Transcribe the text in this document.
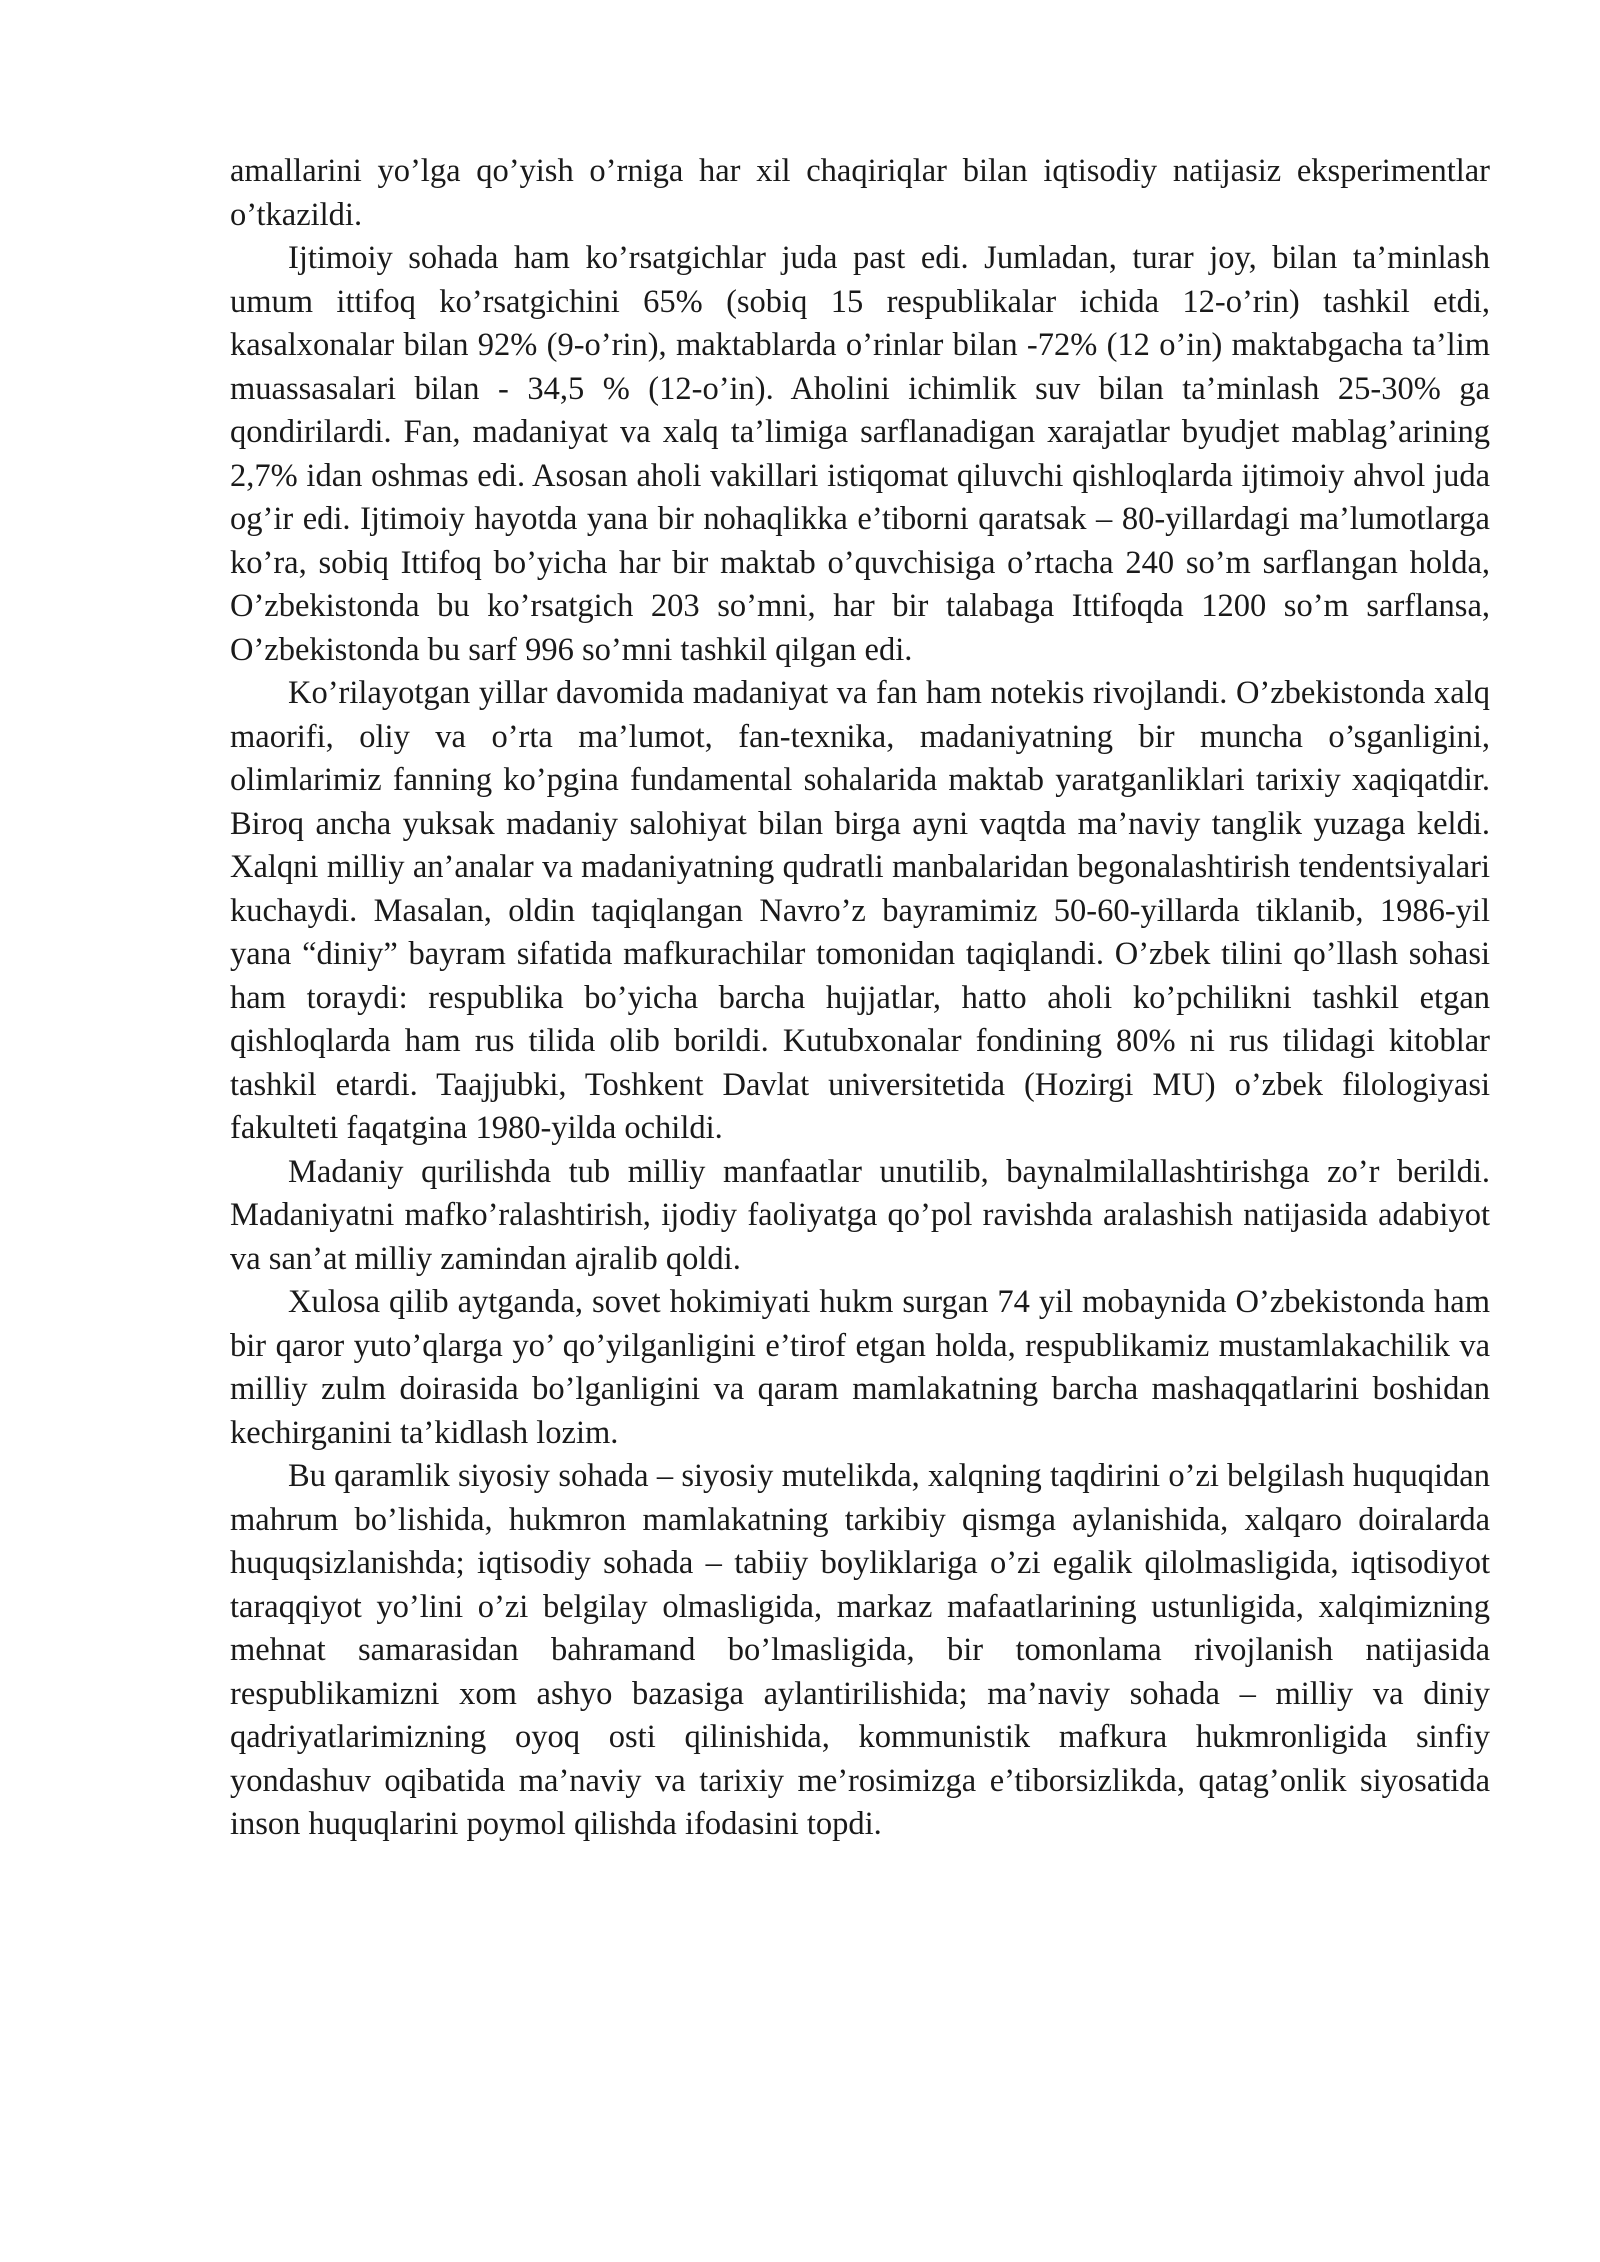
amallarini yo’lga qo’yish o’rniga har xil chaqiriqlar bilan iqtisodiy natijasiz eksperimentlar o’tkazildi.

Ijtimoiy sohada ham ko’rsatgichlar juda past edi. Jumladan, turar joy, bilan ta’minlash umum ittifoq ko’rsatgichini 65% (sobiq 15 respublikalar ichida 12-o’rin) tashkil etdi, kasalxonalar bilan 92% (9-o’rin), maktablarda o’rinlar bilan -72% (12 o’in) maktabgacha ta’lim muassasalari bilan - 34,5 % (12-o’in). Aholini ichimlik suv bilan ta’minlash 25-30% ga qondirilardi. Fan, madaniyat va xalq ta’limiga sarflanadigan xarajatlar byudjet mablag’arining 2,7% idan oshmas edi. Asosan aholi vakillari istiqomat qiluvchi qishloqlarda ijtimoiy ahvol juda og’ir edi. Ijtimoiy hayotda yana bir nohaqlikka e’tiborni qaratsak – 80-yillardagi ma’lumotlarga ko’ra, sobiq Ittifoq bo’yicha har bir maktab o’quvchisiga o’rtacha 240 so’m sarflangan holda, O’zbekistonda bu ko’rsatgich 203 so’mni, har bir talabaga Ittifoqda 1200 so’m sarflansa, O’zbekistonda bu sarf 996 so’mni tashkil qilgan edi.

Ko’rilayotgan yillar davomida madaniyat va fan ham notekis rivojlandi. O’zbekistonda xalq maorifi, oliy va o’rta ma’lumot, fan-texnika, madaniyatning bir muncha o’sganligini, olimlarimiz fanning ko’pgina fundamental sohalarida maktab yaratganliklari tarixiy xaqiqatdir. Biroq ancha yuksak madaniy salohiyat bilan birga ayni vaqtda ma’naviy tanglik yuzaga keldi. Xalqni milliy an’analar va madaniyatning qudratli manbalaridan begonalashtirish tendentsiyalari kuchaydi. Masalan, oldin taqiqlangan Navro’z bayramimiz 50-60-yillarda tiklanib, 1986-yil yana “diniy” bayram sifatida mafkurachilar tomonidan taqiqlandi. O’zbek tilini qo’llash sohasi ham toraydi: respublika bo’yicha barcha hujjatlar, hatto aholi ko’pchilikni tashkil etgan qishloqlarda ham rus tilida olib borildi. Kutubxonalar fondining 80% ni rus tilidagi kitoblar tashkil etardi. Taajjubki, Toshkent Davlat universitetida (Hozirgi MU) o’zbek filologiyasi fakulteti faqatgina 1980-yilda ochildi.

Madaniy qurilishda tub milliy manfaatlar unutilib, baynalmilallashtirishga zo’r berildi. Madaniyatni mafko’ralashtirish, ijodiy faoliyatga qo’pol ravishda aralashish natijasida adabiyot va san’at milliy zamindan ajralib qoldi.

Xulosa qilib aytganda, sovet hokimiyati hukm surgan 74 yil mobaynida O’zbekistonda ham bir qaror yuto’qlarga yo’ qo’yilganligini e’tirof etgan holda, respublikamiz mustamlakachilik va milliy zulm doirasida bo’lganligini va qaram mamlakatning barcha mashaqqatlarini boshidan kechirganini ta’kidlash lozim.

Bu qaramlik siyosiy sohada – siyosiy mutelikda, xalqning taqdirini o’zi belgilash huquqidan mahrum bo’lishida, hukmron mamlakatning tarkibiy qismga aylanishida, xalqaro doiralarda huquqsizlanishda; iqtisodiy sohada – tabiiy boyliklariga o’zi egalik qilolmasligida, iqtisodiyot taraqqiyot yo’lini o’zi belgilay olmasligida, markaz mafaatlarining ustunligida, xalqimizning mehnat samarasidan bahramand bo’lmasligida, bir tomonlama rivojlanish natijasida respublikamizni xom ashyo bazasiga aylantirilishida; ma’naviy sohada – milliy va diniy qadriyatlarimizning oyoq osti qilinishida, kommunistik mafkura hukmronligida sinfiy yondashuv oqibatida ma’naviy va tarixiy me’rosimizga e’tiborsizlikda, qatag’onlik siyosatida inson huquqlarini poymol qilishda ifodasini topdi.
